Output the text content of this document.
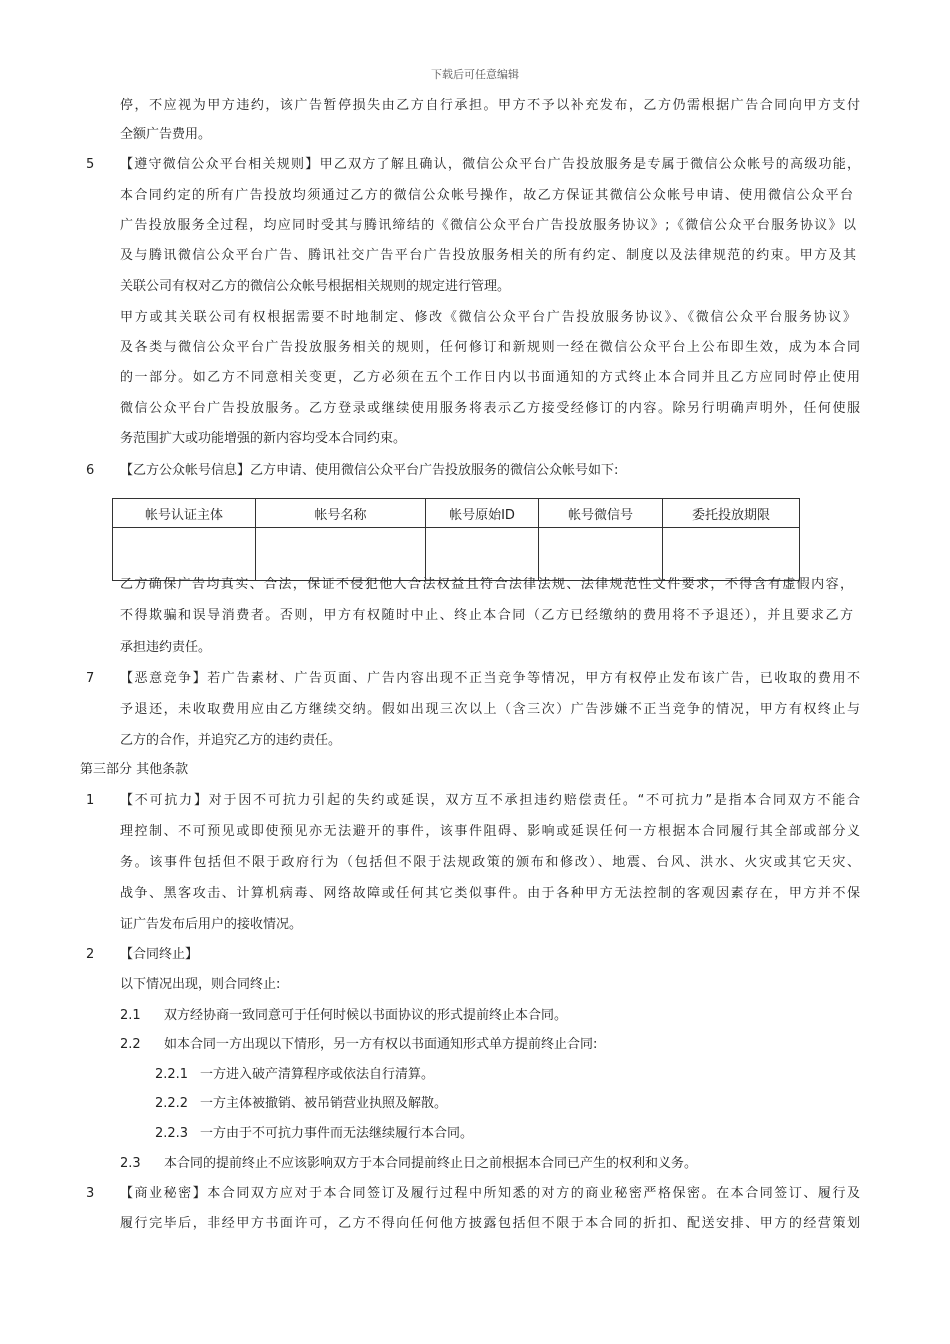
下载后可任意编辑
停，不应视为甲方违约，该广告暂停损失由乙方自行承担。甲方不予以补充发布，乙方仍需根据广告合同向甲方支付
全额广告费用。
5 【遵守微信公众平台相关规则】甲乙双方了解且确认，微信公众平台广告投放服务是专属于微信公众帐号的高级功能，
本合同约定的所有广告投放均须通过乙方的微信公众帐号操作，故乙方保证其微信公众帐号申请、使用微信公众平台
广告投放服务全过程，均应同时受其与腾讯缔结的《微信公众平台广告投放服务协议》;《微信公众平台服务协议》以
及与腾讯微信公众平台广告、腾讯社交广告平台广告投放服务相关的所有约定、制度以及法律规范的约束。甲方及其
关联公司有权对乙方的微信公众帐号根据相关规则的规定进行管理。
甲方或其关联公司有权根据需要不时地制定、修改《微信公众平台广告投放服务协议》、《微信公众平台服务协议》
及各类与微信公众平台广告投放服务相关的规则，任何修订和新规则一经在微信公众平台上公布即生效，成为本合同
的一部分。如乙方不同意相关变更，乙方必须在五个工作日内以书面通知的方式终止本合同并且乙方应同时停止使用
微信公众平台广告投放服务。乙方登录或继续使用服务将表示乙方接受经修订的内容。除另行明确声明外，任何使服
务范围扩大或功能增强的新内容均受本合同约束。
6 【乙方公众帐号信息】乙方申请、使用微信公众平台广告投放服务的微信公众帐号如下:
乙方确保广告均真实、合法，保证不侵犯他人合法权益且符合法律法规、法律规范性文件要求，不得含有虚假内容，
不得欺骗和误导消费者。否则，甲方有权随时中止、终止本合同（乙方已经缴纳的费用将不予退还），并且要求乙方
承担违约责任。
7 【恶意竞争】若广告素材、广告页面、广告内容出现不正当竞争等情况，甲方有权停止发布该广告，已收取的费用不
予退还，未收取费用应由乙方继续交纳。假如出现三次以上（含三次）广告涉嫌不正当竞争的情况，甲方有权终止与
乙方的合作，并追究乙方的违约责任。
第三部分 其他条款
1 【不可抗力】对于因不可抗力引起的失约或延误，双方互不承担违约赔偿责任。“不可抗力”是指本合同双方不能合
理控制、不可预见或即使预见亦无法避开的事件，该事件阻碍、影响或延误任何一方根据本合同履行其全部或部分义
务。该事件包括但不限于政府行为（包括但不限于法规政策的颁布和修改）、地震、台风、洪水、火灾或其它天灾、
战争、黑客攻击、计算机病毒、网络故障或任何其它类似事件。由于各种甲方无法控制的客观因素存在，甲方并不保
证广告发布后用户的接收情况。
2 【合同终止】
以下情况出现，则合同终止:
2.1 双方经协商一致同意可于任何时候以书面协议的形式提前终止本合同。
2.2 如本合同一方出现以下情形，另一方有权以书面通知形式单方提前终止合同:
2.2.1 一方进入破产清算程序或依法自行清算。
2.2.2 一方主体被撤销、被吊销营业执照及解散。
2.2.3 一方由于不可抗力事件而无法继续履行本合同。
2.3 本合同的提前终止不应该影响双方于本合同提前终止日之前根据本合同已产生的权利和义务。
3 【商业秘密】本合同双方应对于本合同签订及履行过程中所知悉的对方的商业秘密严格保密。在本合同签订、履行及
履行完毕后，非经甲方书面许可，乙方不得向任何他方披露包括但不限于本合同的折扣、配送安排、甲方的经营策划
帐号认证主体	帐号名称	帐号原始ID	帐号微信号	委托投放期限
